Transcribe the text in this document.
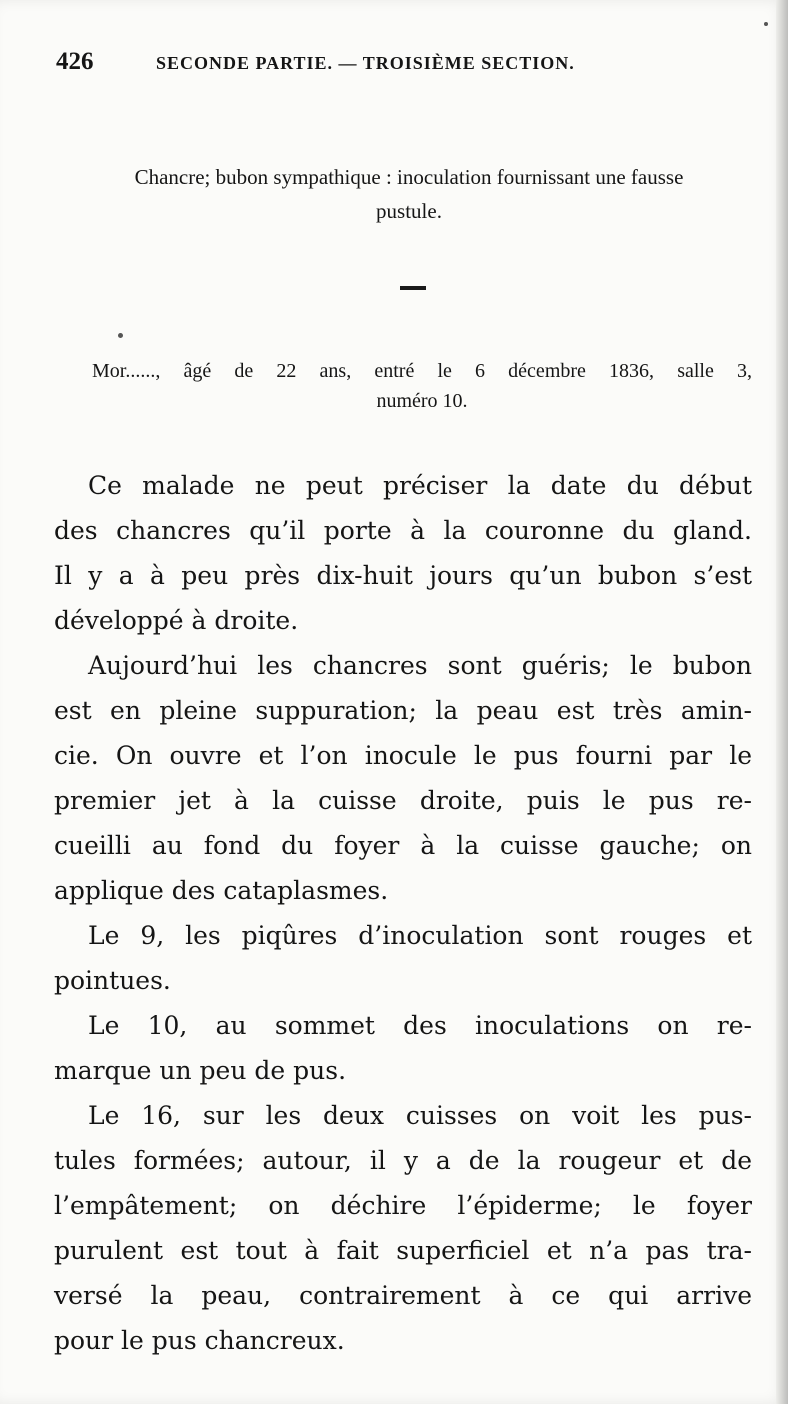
426	SECONDE PARTIE. — TROISIÈME SECTION.
Chancre; bubon sympathique : inoculation fournissant une fausse
pustule.
Mor......, âgé de 22 ans, entré le 6 décembre 1836, salle 3,
numéro 10.
Ce malade ne peut préciser la date du début
des chancres qu’il porte à la couronne du gland.
Il y a à peu près dix-huit jours qu’un bubon s’est
développé à droite.
Aujourd’hui les chancres sont guéris; le bubon
est en pleine suppuration; la peau est très amin-
cie. On ouvre et l’on inocule le pus fourni par le
premier jet à la cuisse droite, puis le pus re-
cueilli au fond du foyer à la cuisse gauche; on
applique des cataplasmes.
Le 9, les piqûres d’inoculation sont rouges et
pointues.
Le 10, au sommet des inoculations on re-
marque un peu de pus.
Le 16, sur les deux cuisses on voit les pus-
tules formées; autour, il y a de la rougeur et de
l’empâtement; on déchire l’épiderme; le foyer
purulent est tout à fait superficiel et n’a pas tra-
versé la peau, contrairement à ce qui arrive
pour le pus chancreux.
